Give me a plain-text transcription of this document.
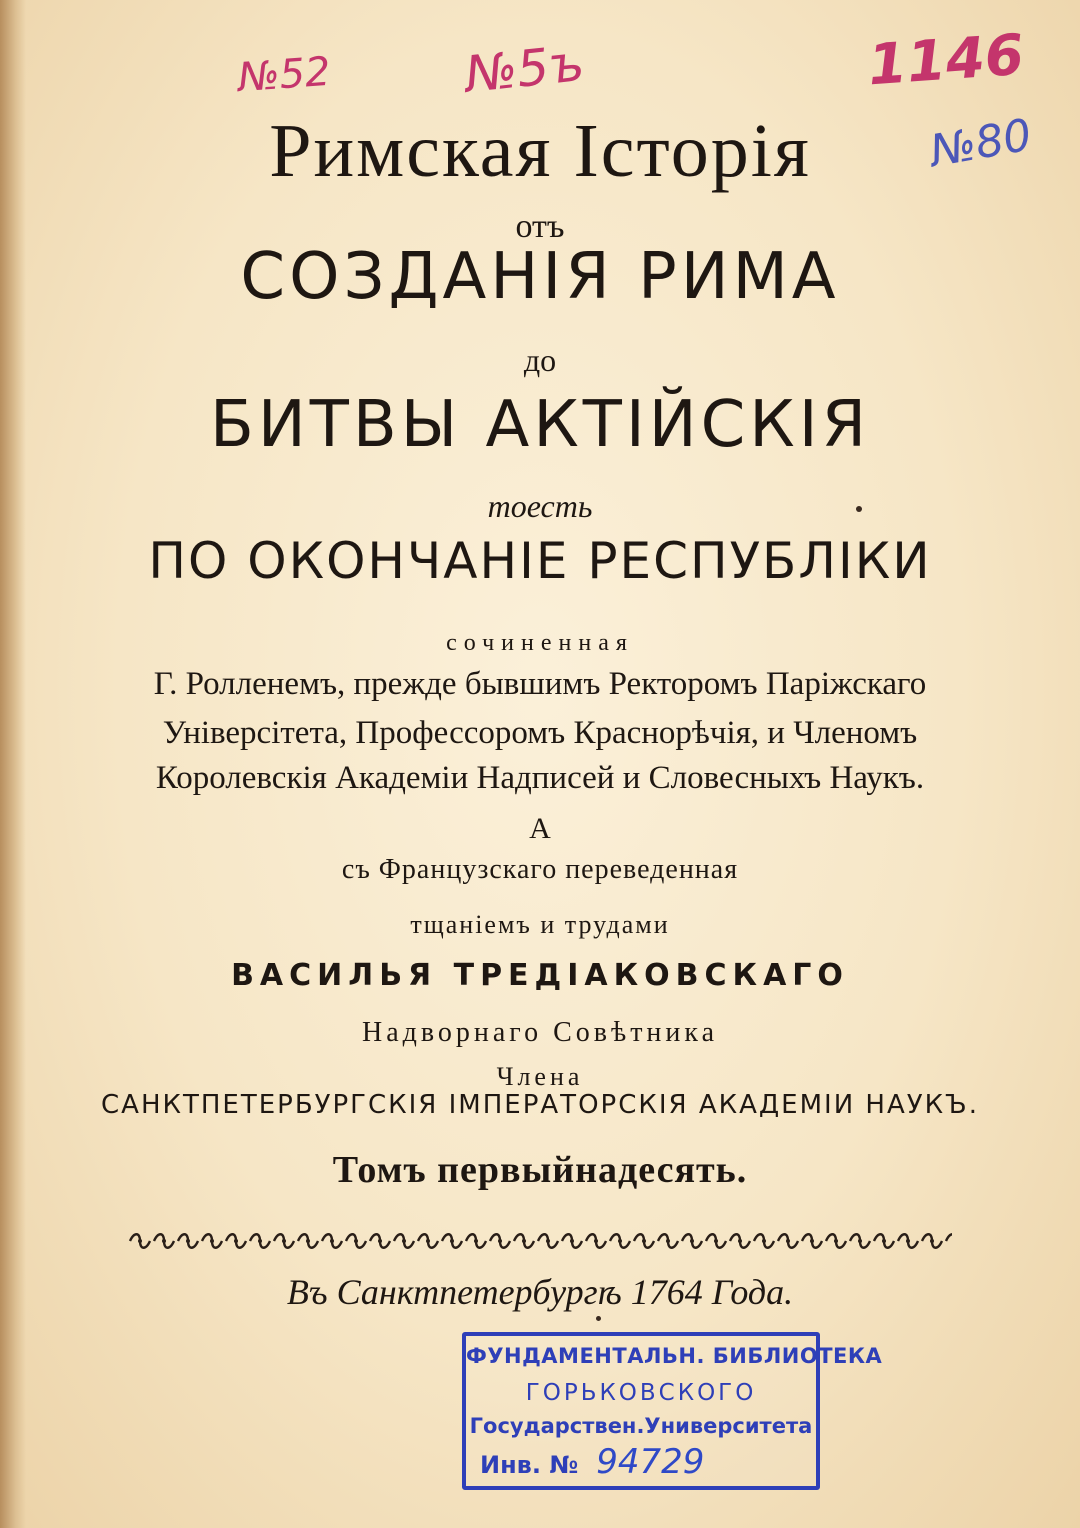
№52	№5ъ	1146
№80
Римская Історія
отъ
СОЗДАНІЯ РИМА
до
БИТВЫ АКТІЙСКІЯ
тоесть
ПО ОКОНЧАНІЕ РЕСПУБЛІКИ
сочиненная
Г. Ролленемъ, прежде бывшимъ Ректоромъ Паріжскаго
Універсітета, Профессоромъ Краснорѣчія, и Членомъ
Королевскія Академіи Надписей и Словесныхъ Наукъ.
А
съ Французскаго переведенная
тщаніемъ и трудами
ВАСИЛЬЯ ТРЕДІАКОВСКАГО
Надворнаго Совѣтника
Члена
САНКТПЕТЕРБУРГСКІЯ ІМПЕРАТОРСКІЯ АКАДЕМІИ НАУКЪ.
Томъ первыйнадесять.
Въ Санктпетербургѣ 1764 Года.
ФУНДАМЕНТАЛЬН. БИБЛИОТЕКА
ГОРЬКОВСКОГО
Государствен.Университета
Инв. № 94729
